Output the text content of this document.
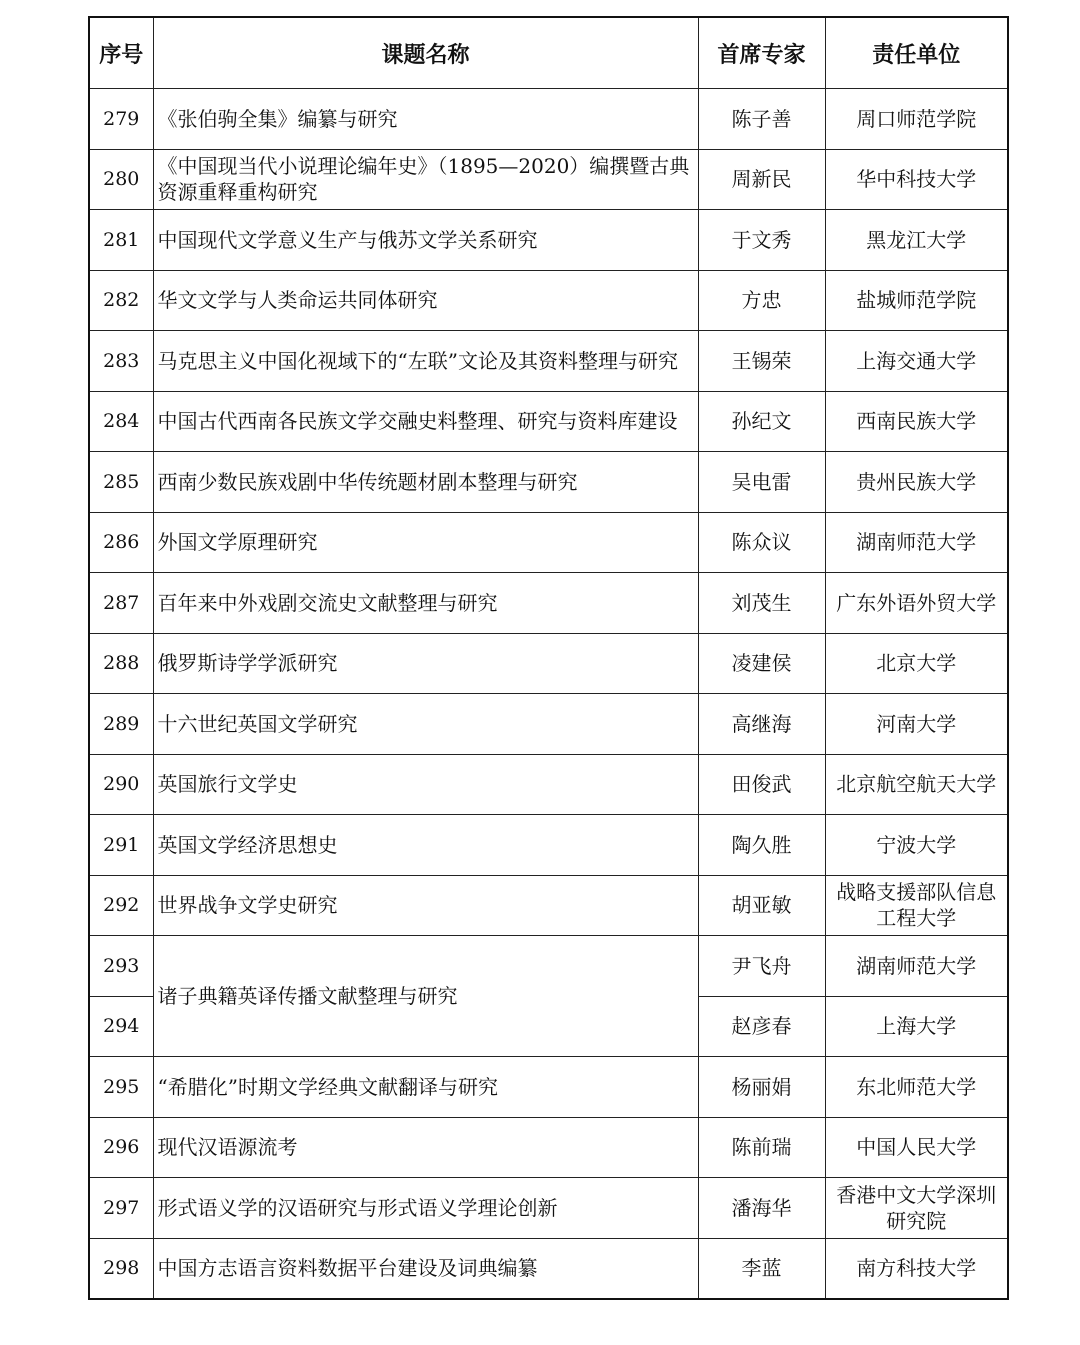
序号	课题名称	首席专家	责任单位
279	《张伯驹全集》编纂与研究	陈子善	周口师范学院
280	《中国现当代小说理论编年史》（1895—2020）编撰暨古典资源重释重构研究	周新民	华中科技大学
281	中国现代文学意义生产与俄苏文学关系研究	于文秀	黑龙江大学
282	华文文学与人类命运共同体研究	方忠	盐城师范学院
283	马克思主义中国化视域下的“左联”文论及其资料整理与研究	王锡荣	上海交通大学
284	中国古代西南各民族文学交融史料整理、研究与资料库建设	孙纪文	西南民族大学
285	西南少数民族戏剧中华传统题材剧本整理与研究	吴电雷	贵州民族大学
286	外国文学原理研究	陈众议	湖南师范大学
287	百年来中外戏剧交流史文献整理与研究	刘茂生	广东外语外贸大学
288	俄罗斯诗学学派研究	凌建侯	北京大学
289	十六世纪英国文学研究	高继海	河南大学
290	英国旅行文学史	田俊武	北京航空航天大学
291	英国文学经济思想史	陶久胜	宁波大学
292	世界战争文学史研究	胡亚敏	战略支援部队信息工程大学
293	诸子典籍英译传播文献整理与研究	尹飞舟	湖南师范大学
294		赵彦春	上海大学
295	“希腊化”时期文学经典文献翻译与研究	杨丽娟	东北师范大学
296	现代汉语源流考	陈前瑞	中国人民大学
297	形式语义学的汉语研究与形式语义学理论创新	潘海华	香港中文大学深圳研究院
298	中国方志语言资料数据平台建设及词典编纂	李蓝	南方科技大学
